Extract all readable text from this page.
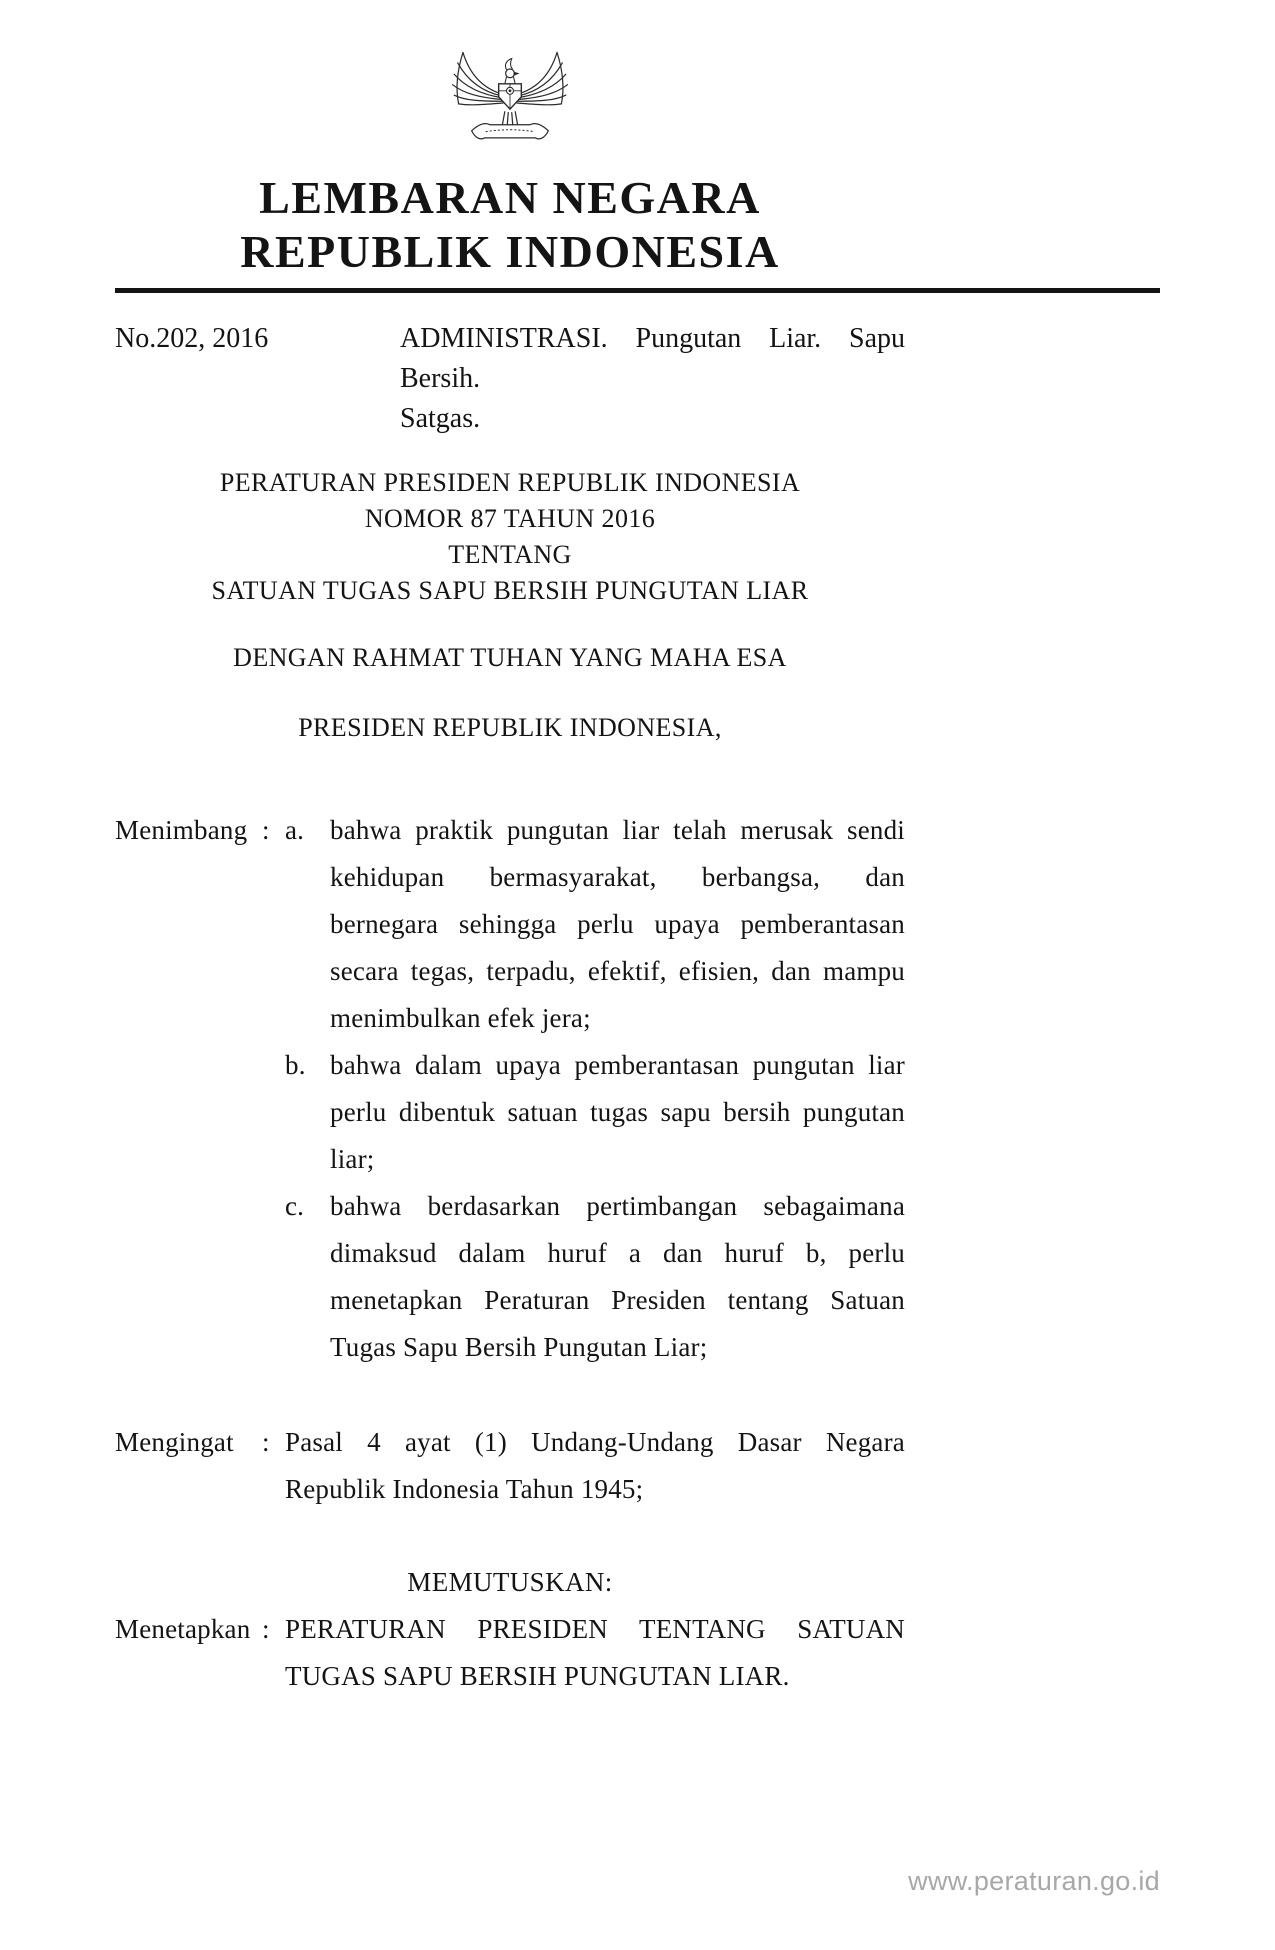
LEMBARAN NEGARA
REPUBLIK INDONESIA
No.202, 2016	ADMINISTRASI. Pungutan Liar. Sapu Bersih.
Satgas.
PERATURAN PRESIDEN REPUBLIK INDONESIA
NOMOR 87 TAHUN 2016
TENTANG
SATUAN TUGAS SAPU BERSIH PUNGUTAN LIAR
DENGAN RAHMAT TUHAN YANG MAHA ESA
PRESIDEN REPUBLIK INDONESIA,
Menimbang : a. bahwa praktik pungutan liar telah merusak sendi kehidupan bermasyarakat, berbangsa, dan bernegara sehingga perlu upaya pemberantasan secara tegas, terpadu, efektif, efisien, dan mampu menimbulkan efek jera;
b. bahwa dalam upaya pemberantasan pungutan liar perlu dibentuk satuan tugas sapu bersih pungutan liar;
c. bahwa berdasarkan pertimbangan sebagaimana dimaksud dalam huruf a dan huruf b, perlu menetapkan Peraturan Presiden tentang Satuan Tugas Sapu Bersih Pungutan Liar;
Mengingat	: Pasal 4 ayat (1) Undang-Undang Dasar Negara Republik Indonesia Tahun 1945;
MEMUTUSKAN:
Menetapkan : PERATURAN PRESIDEN TENTANG SATUAN TUGAS SAPU BERSIH PUNGUTAN LIAR.
www.peraturan.go.id
